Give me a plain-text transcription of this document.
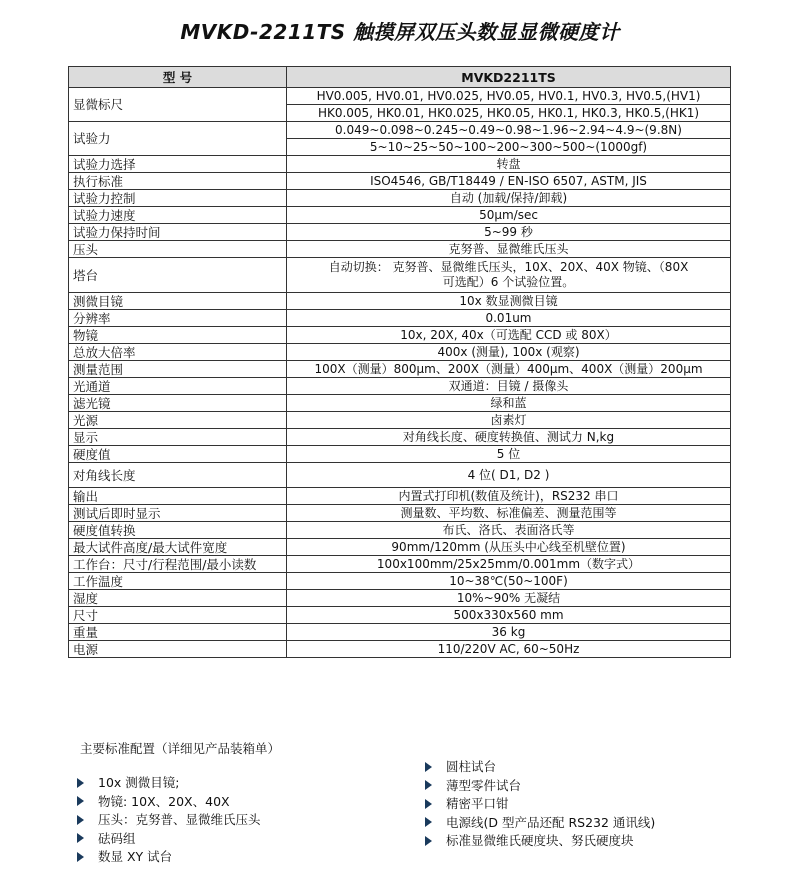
MVKD-2211TS 触摸屏双压头数显显微硬度计
型 号	MVKD2211TS
显微标尺	HV0.005, HV0.01, HV0.025, HV0.05, HV0.1, HV0.3, HV0.5,(HV1)
	HK0.005, HK0.01, HK0.025, HK0.05, HK0.1, HK0.3, HK0.5,(HK1)
试验力	0.049~0.098~0.245~0.49~0.98~1.96~2.94~4.9~(9.8N)
	5~10~25~50~100~200~300~500~(1000gf)
试验力选择	转盘
执行标准	ISO4546, GB/T18449 / EN-ISO 6507, ASTM, JIS
试验力控制	自动 (加载/保持/卸载)
试验力速度	50μm/sec
试验力保持时间	5~99 秒
压头	克努普、显微维氏压头
塔台	自动切换： 克努普、显微维氏压头，10X、20X、40X 物镜、（80X
可选配）6 个试验位置。

测微目镜	10x 数显测微目镜
分辨率	0.01um
物镜	10x, 20X, 40x（可选配 CCD 或 80X）
总放大倍率	400x (测量), 100x (观察)
测量范围	100X（测量）800μm、200X（测量）400μm、400X（测量）200μm
光通道	双通道：目镜 / 摄像头
滤光镜	绿和蓝
光源	卤素灯
显示	对角线长度、硬度转换值、测试力 N,kg
硬度值	5 位
对角线长度	4 位( D1, D2 )
输出	内置式打印机(数值及统计)，RS232 串口
测试后即时显示	测量数、平均数、标准偏差、测量范围等
硬度值转换	布氏、洛氏、表面洛氏等
最大试件高度/最大试件宽度	90mm/120mm (从压头中心线至机壁位置)
工作台：尺寸/行程范围/最小读数	100x100mm/25x25mm/0.001mm（数字式）
工作温度	10~38℃(50~100F)
湿度	10%~90% 无凝结
尺寸	500x330x560 mm
重量	36 kg
电源	110/220V AC, 60~50Hz
主要标准配置（详细见产品装箱单）
10x 测微目镜;
物镜: 10X、20X、40X
压头：克努普、显微维氏压头
砝码组
数显 XY 试台
圆柱试台
薄型零件试台
精密平口钳
电源线(D 型产品还配 RS232 通讯线)
标准显微维氏硬度块、努氏硬度块
